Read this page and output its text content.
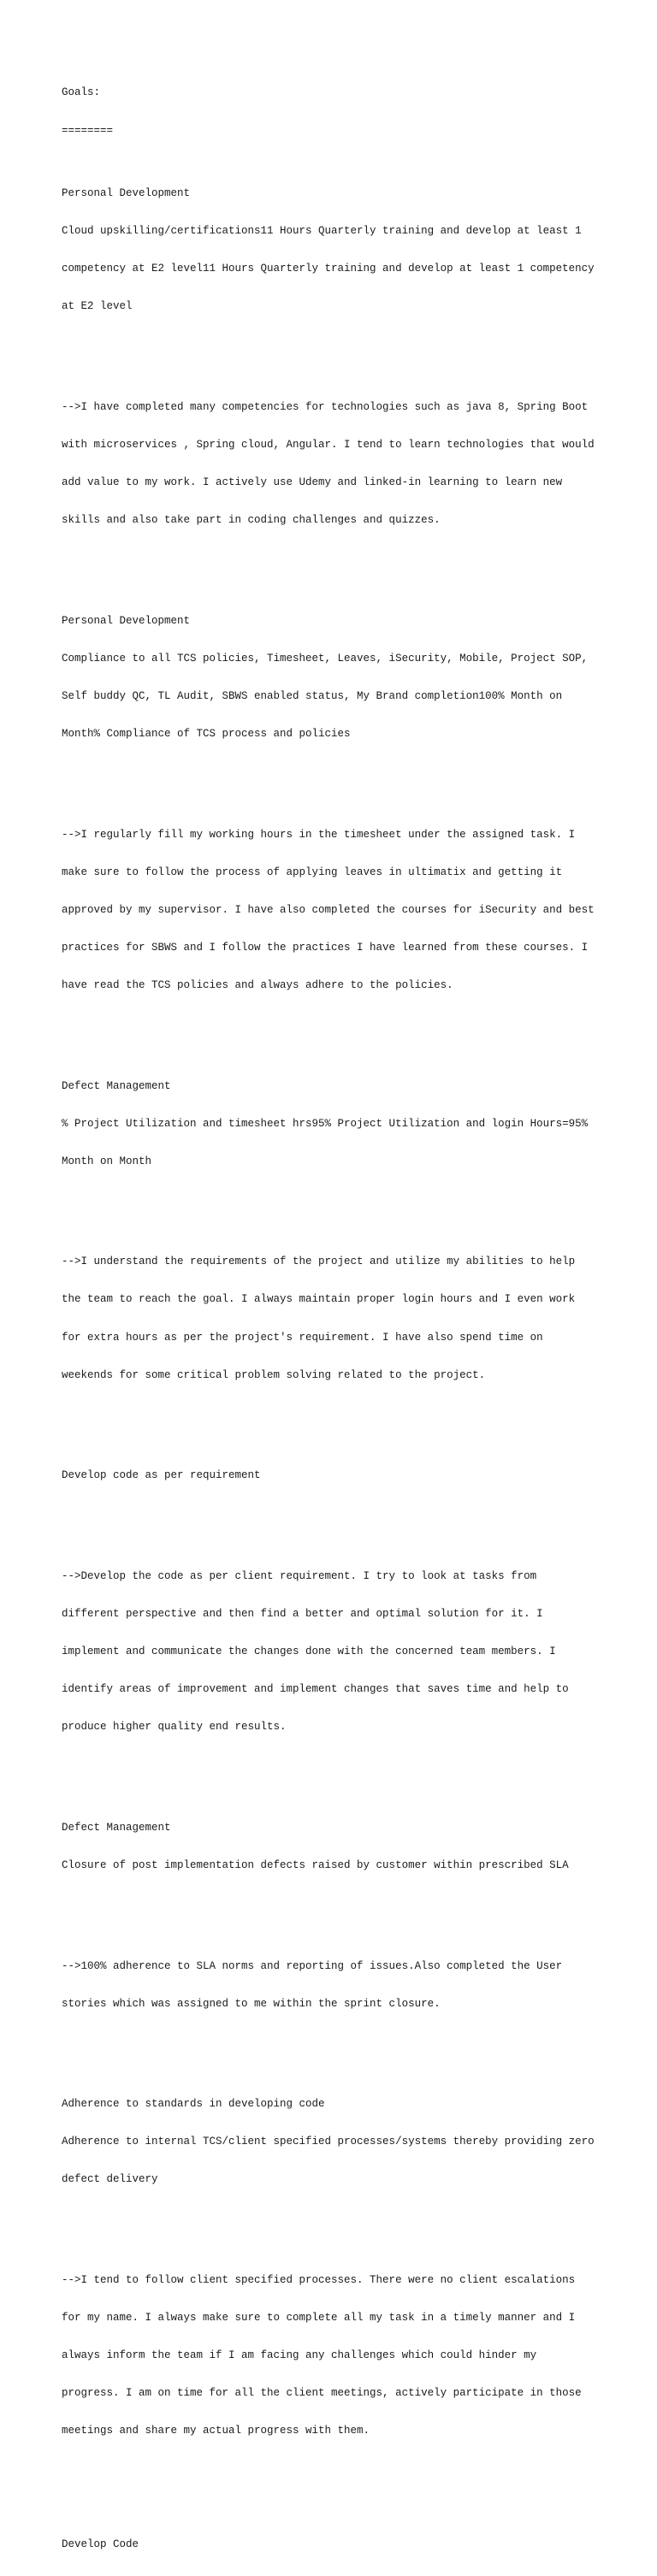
Goals:

========

Personal Development

Cloud upskilling/certifications11 Hours Quarterly training and develop at least 1

competency at E2 level11 Hours Quarterly training and develop at least 1 competency

at E2 level

-->I have completed many competencies for technologies such as java 8, Spring Boot

with microservices , Spring cloud, Angular. I tend to learn technologies that would

add value to my work. I actively use Udemy and linked-in learning to learn new

skills and also take part in coding challenges and quizzes.

Personal Development

Compliance to all TCS policies, Timesheet, Leaves, iSecurity, Mobile, Project SOP,

Self buddy QC, TL Audit, SBWS enabled status, My Brand completion100% Month on

Month% Compliance of TCS process and policies

-->I regularly fill my working hours in the timesheet under the assigned task. I

make sure to follow the process of applying leaves in ultimatix and getting it

approved by my supervisor. I have also completed the courses for iSecurity and best

practices for SBWS and I follow the practices I have learned from these courses. I

have read the TCS policies and always adhere to the policies.

Defect Management

% Project Utilization and timesheet hrs95% Project Utilization and login Hours=95%

Month on Month

-->I understand the requirements of the project and utilize my abilities to help

the team to reach the goal. I always maintain proper login hours and I even work

for extra hours as per the project's requirement. I have also spend time on

weekends for some critical problem solving related to the project.

Develop code as per requirement

-->Develop the code as per client requirement. I try to look at tasks from

different perspective and then find a better and optimal solution for it. I

implement and communicate the changes done with the concerned team members. I

identify areas of improvement and implement changes that saves time and help to

produce higher quality end results.

Defect Management

Closure of post implementation defects raised by customer within prescribed SLA

-->100% adherence to SLA norms and reporting of issues.Also completed the User

stories which was assigned to me within the sprint closure.

Adherence to standards in developing code

Adherence to internal TCS/client specified processes/systems thereby providing zero

defect delivery

-->I tend to follow client specified processes. There were no client escalations

for my name. I always make sure to complete all my task in a timely manner and I

always inform the team if I am facing any challenges which could hinder my

progress. I am on time for all the client meetings, actively participate in those

meetings and share my actual progress with them.

Develop Code
